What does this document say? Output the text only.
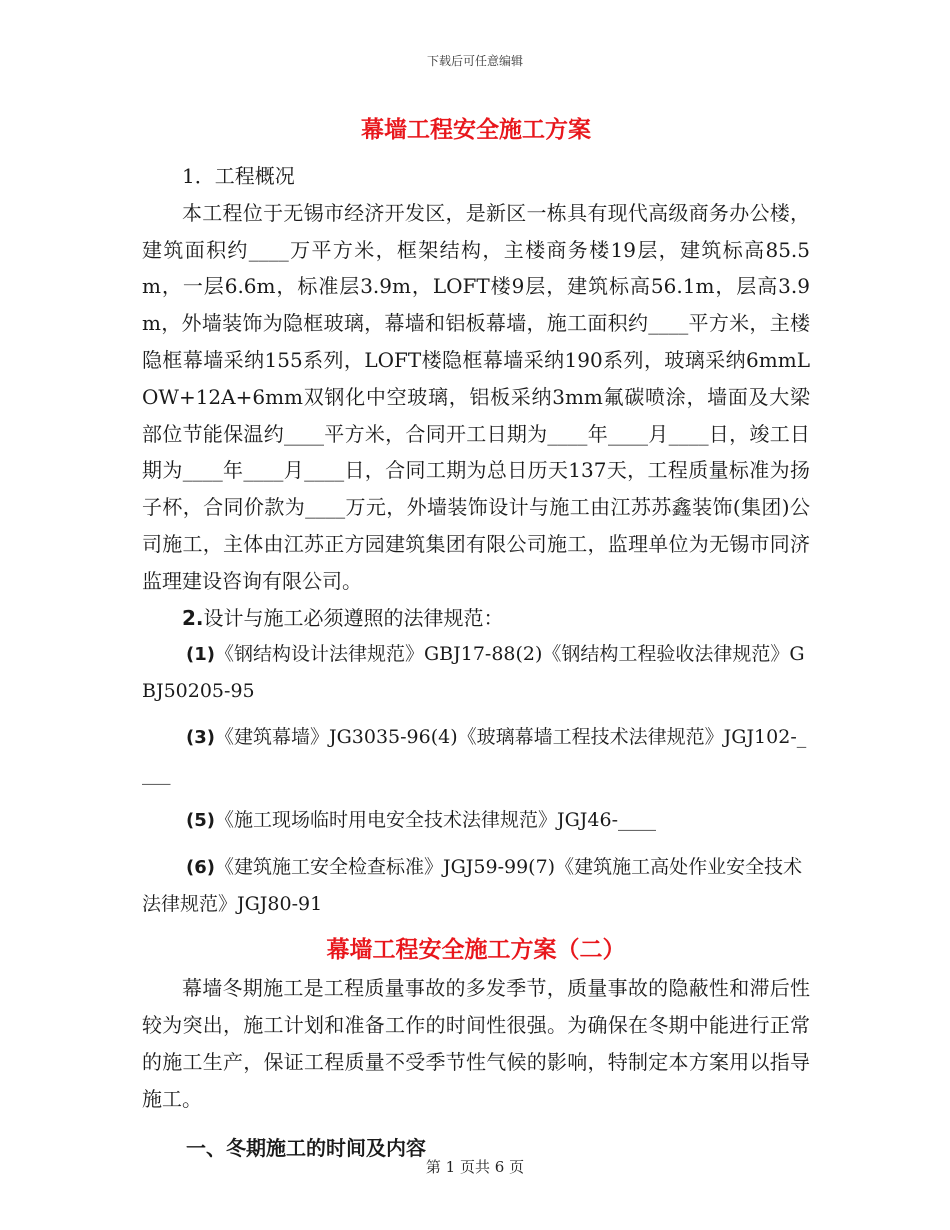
下载后可任意编辑
幕墙工程安全施工方案

1．工程概况

本工程位于无锡市经济开发区，是新区一栋具有现代高级商务办公楼，建筑面积约____万平方米，框架结构，主楼商务楼19层，建筑标高85.5m，一层6.6m，标准层3.9m，LOFT楼9层，建筑标高56.1m，层高3.9m，外墙装饰为隐框玻璃，幕墙和铝板幕墙，施工面积约____平方米，主楼隐框幕墙采纳155系列，LOFT楼隐框幕墙采纳190系列，玻璃采纳6mmLOW+12A+6mm双钢化中空玻璃，铝板采纳3mm氟碳喷涂，墙面及大梁部位节能保温约____平方米，合同开工日期为____年____月____日，竣工日期为____年____月____日，合同工期为总日历天137天，工程质量标准为扬子杯，合同价款为____万元，外墙装饰设计与施工由江苏苏鑫装饰(集团)公司施工，主体由江苏正方园建筑集团有限公司施工，监理单位为无锡市同济监理建设咨询有限公司。

2.设计与施工必须遵照的法律规范：

(1)《钢结构设计法律规范》GBJ17-88(2)《钢结构工程验收法律规范》GBJ50205-95

(3)《建筑幕墙》JG3035-96(4)《玻璃幕墙工程技术法律规范》JGJ102-____

(5)《施工现场临时用电安全技术法律规范》JGJ46-____

(6)《建筑施工安全检查标准》JGJ59-99(7)《建筑施工高处作业安全技术法律规范》JGJ80-91

幕墙工程安全施工方案（二）

幕墙冬期施工是工程质量事故的多发季节，质量事故的隐蔽性和滞后性较为突出，施工计划和准备工作的时间性很强。为确保在冬期中能进行正常的施工生产，保证工程质量不受季节性气候的影响，特制定本方案用以指导施工。

一、冬期施工的时间及内容
第 1 页共 6 页
